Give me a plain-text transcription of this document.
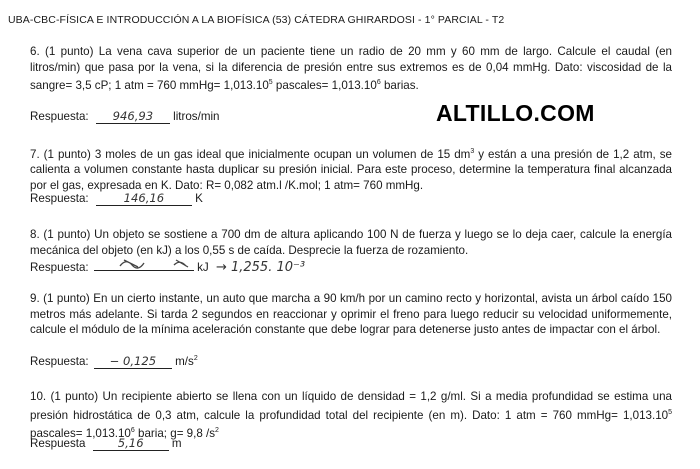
UBA-CBC-FÍSICA E INTRODUCCIÓN A LA BIOFÍSICA (53) CÁTEDRA GHIRARDOSI - 1° PARCIAL - T2
ALTILLO.COM
6. (1 punto) La vena cava superior de un paciente tiene un radio de 20 mm y 60 mm de largo. Calcule el caudal (en litros/min) que pasa por la vena, si la diferencia de presión entre sus extremos es de 0,04 mmHg. Dato: viscosidad de la sangre= 3,5 cP; 1 atm = 760 mmHg= $1,013.10^5$ pascales= $1,013.10^6$ barias.
Respuesta: 946,93 litros/min
7. (1 punto) 3 moles de un gas ideal que inicialmente ocupan un volumen de 15 $dm^3$ y están a una presión de 1,2 atm, se calienta a volumen constante hasta duplicar su presión inicial. Para este proceso, determine la temperatura final alcanzada por el gas, expresada en K. Dato: R= 0,082 atm.l /K.mol; 1 atm= 760 mmHg.
Respuesta:	146,16	K
8. (1 punto) Un objeto se sostiene a 700 dm de altura aplicando 100 N de fuerza y luego se lo deja caer, calcule la energía mecánica del objeto (en kJ) a los 0,55 s de caída. Desprecie la fuerza de rozamiento.
Respuesta:	kJ → 1,255. 10⁻³
9. (1 punto) En un cierto instante, un auto que marcha a 90 km/h por un camino recto y horizontal, avista un árbol caído 150 metros más adelante. Si tarda 2 segundos en reaccionar y oprimir el freno para luego reducir su velocidad uniformemente, calcule el módulo de la mínima aceleración constante que debe lograr para detenerse justo antes de impactar con el árbol.
Respuesta: − 0,125 $m/s^2$
10. (1 punto) Un recipiente abierto se llena con un líquido de densidad = 1,2 g/ml. Si a media profundidad se estima una presión hidrostática de 0,3 atm, calcule la profundidad total del recipiente (en m). Dato: 1 atm = 760 mmHg= $1,013.10^5$ pascales= $1,013.10^6$ baria; g= 9,8 $/s^2$
Respuesta	5,16 m
